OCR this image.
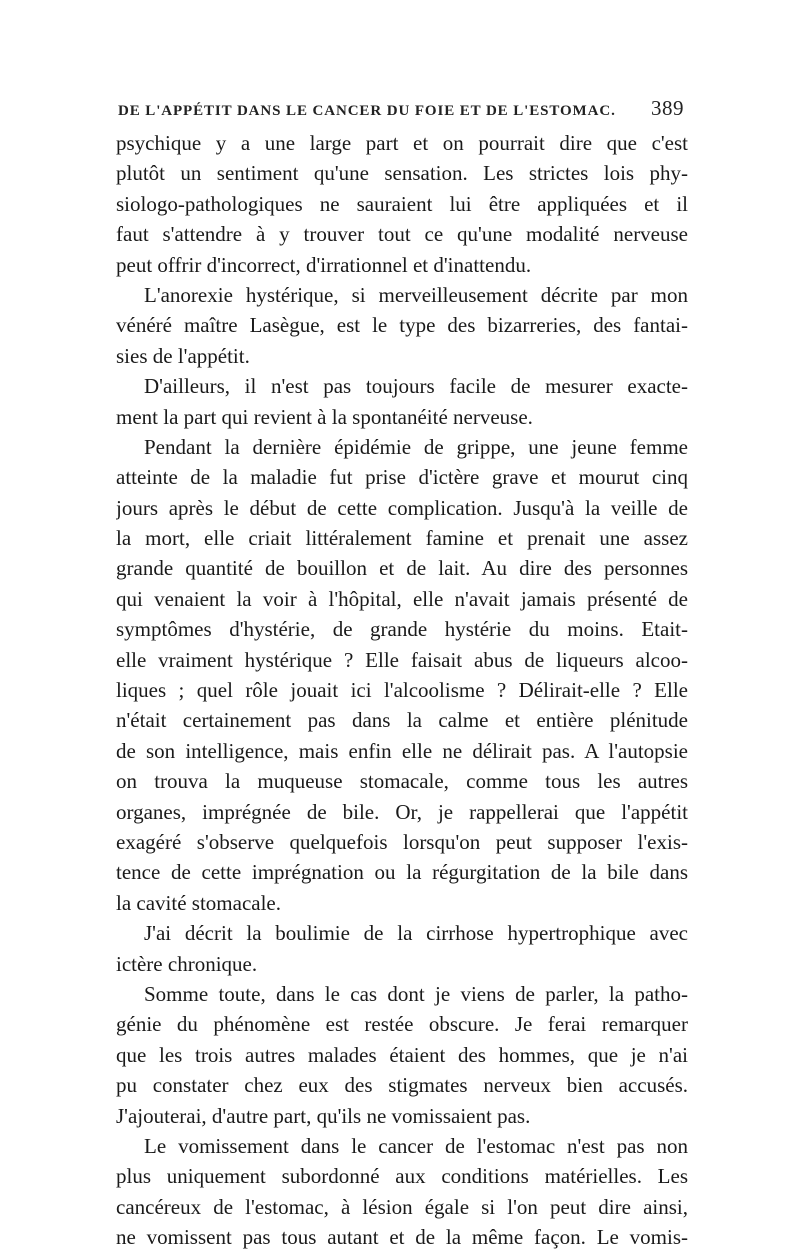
DE L'APPÉTIT DANS LE CANCER DU FOIE ET DE L'ESTOMAC. 389
psychique y a une large part et on pourrait dire que c'est
plutôt un sentiment qu'une sensation. Les strictes lois phy-
siologo-pathologiques ne sauraient lui être appliquées et il
faut s'attendre à y trouver tout ce qu'une modalité nerveuse
peut offrir d'incorrect, d'irrationnel et d'inattendu.
L'anorexie hystérique, si merveilleusement décrite par mon
vénéré maître Lasègue, est le type des bizarreries, des fantai-
sies de l'appétit.
D'ailleurs, il n'est pas toujours facile de mesurer exacte-
ment la part qui revient à la spontanéité nerveuse.
Pendant la dernière épidémie de grippe, une jeune femme
atteinte de la maladie fut prise d'ictère grave et mourut cinq
jours après le début de cette complication. Jusqu'à la veille de
la mort, elle criait littéralement famine et prenait une assez
grande quantité de bouillon et de lait. Au dire des personnes
qui venaient la voir à l'hôpital, elle n'avait jamais présenté de
symptômes d'hystérie, de grande hystérie du moins. Etait-
elle vraiment hystérique ? Elle faisait abus de liqueurs alcoo-
liques ; quel rôle jouait ici l'alcoolisme ? Délirait-elle ? Elle
n'était certainement pas dans la calme et entière plénitude
de son intelligence, mais enfin elle ne délirait pas. A l'autopsie
on trouva la muqueuse stomacale, comme tous les autres
organes, imprégnée de bile. Or, je rappellerai que l'appétit
exagéré s'observe quelquefois lorsqu'on peut supposer l'exis-
tence de cette imprégnation ou la régurgitation de la bile dans
la cavité stomacale.
J'ai décrit la boulimie de la cirrhose hypertrophique avec
ictère chronique.
Somme toute, dans le cas dont je viens de parler, la patho-
génie du phénomène est restée obscure. Je ferai remarquer
que les trois autres malades étaient des hommes, que je n'ai
pu constater chez eux des stigmates nerveux bien accusés.
J'ajouterai, d'autre part, qu'ils ne vomissaient pas.
Le vomissement dans le cancer de l'estomac n'est pas non
plus uniquement subordonné aux conditions matérielles. Les
cancéreux de l'estomac, à lésion égale si l'on peut dire ainsi,
ne vomissent pas tous autant et de la même façon. Le vomis-
